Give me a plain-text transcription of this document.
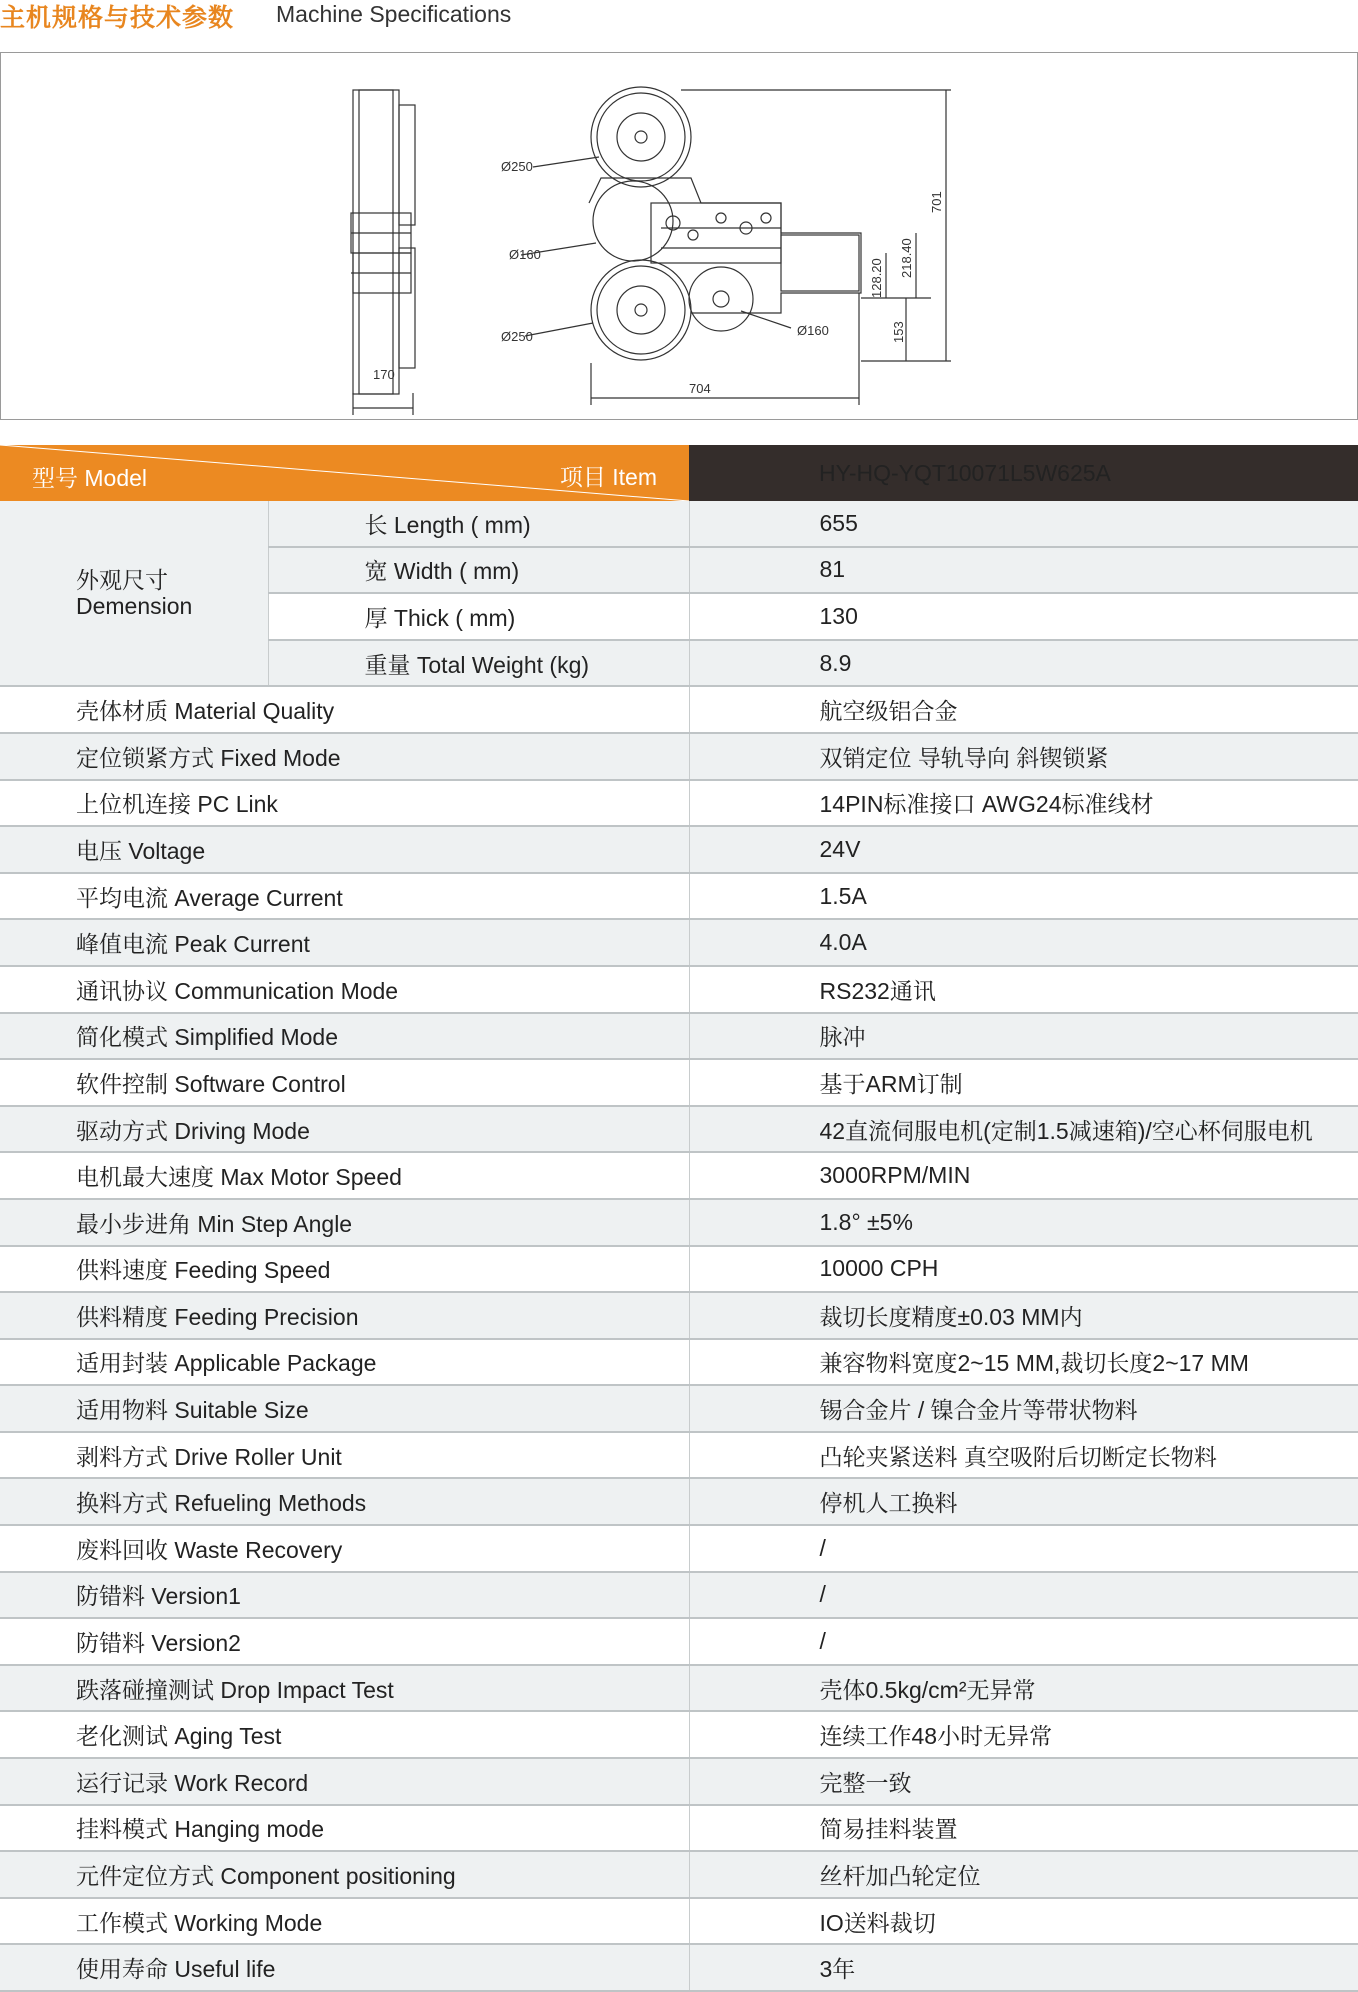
主机规格与技术参数 Machine Specifications
170
Ø250
Ø160
Ø250	Ø160
704
701
218.40
128.20
153
型号 Model 项目 Item		HY-HQ-YQT10071L5W625A

外观尺寸
Demension	长 Length ( mm)	655
	宽 Width ( mm)	81
	厚 Thick ( mm)	130
	重量 Total Weight (kg)	8.9
壳体材质 Material Quality		航空级铝合金
定位锁紧方式 Fixed Mode		双销定位 导轨导向 斜锲锁紧
上位机连接 PC Link		14PIN标准接口 AWG24标准线材
电压 Voltage		24V
平均电流 Average Current		1.5A
峰值电流 Peak Current		4.0A
通讯协议 Communication Mode		RS232通讯
简化模式 Simplified Mode		脉冲
软件控制 Software Control		基于ARM订制
驱动方式 Driving Mode		42直流伺服电机(定制1.5减速箱)/空心杯伺服电机
电机最大速度 Max Motor Speed		3000RPM/MIN
最小步进角 Min Step Angle		1.8° ±5%
供料速度 Feeding Speed		10000 CPH
供料精度 Feeding Precision		裁切长度精度±0.03 MM内
适用封装 Applicable Package		兼容物料宽度2~15 MM,裁切长度2~17 MM
适用物料 Suitable Size		锡合金片 / 镍合金片等带状物料
剥料方式 Drive Roller Unit		凸轮夹紧送料 真空吸附后切断定长物料
换料方式 Refueling Methods		停机人工换料
废料回收 Waste Recovery		/
防错料 Version1		/
防错料 Version2		/
跌落碰撞测试 Drop Impact Test		壳体0.5kg/cm²无异常
老化测试 Aging Test		连续工作48小时无异常
运行记录 Work Record		完整一致
挂料模式 Hanging mode		简易挂料装置
元件定位方式 Component positioning		丝杆加凸轮定位
工作模式 Working Mode		IO送料裁切
使用寿命 Useful life		3年
